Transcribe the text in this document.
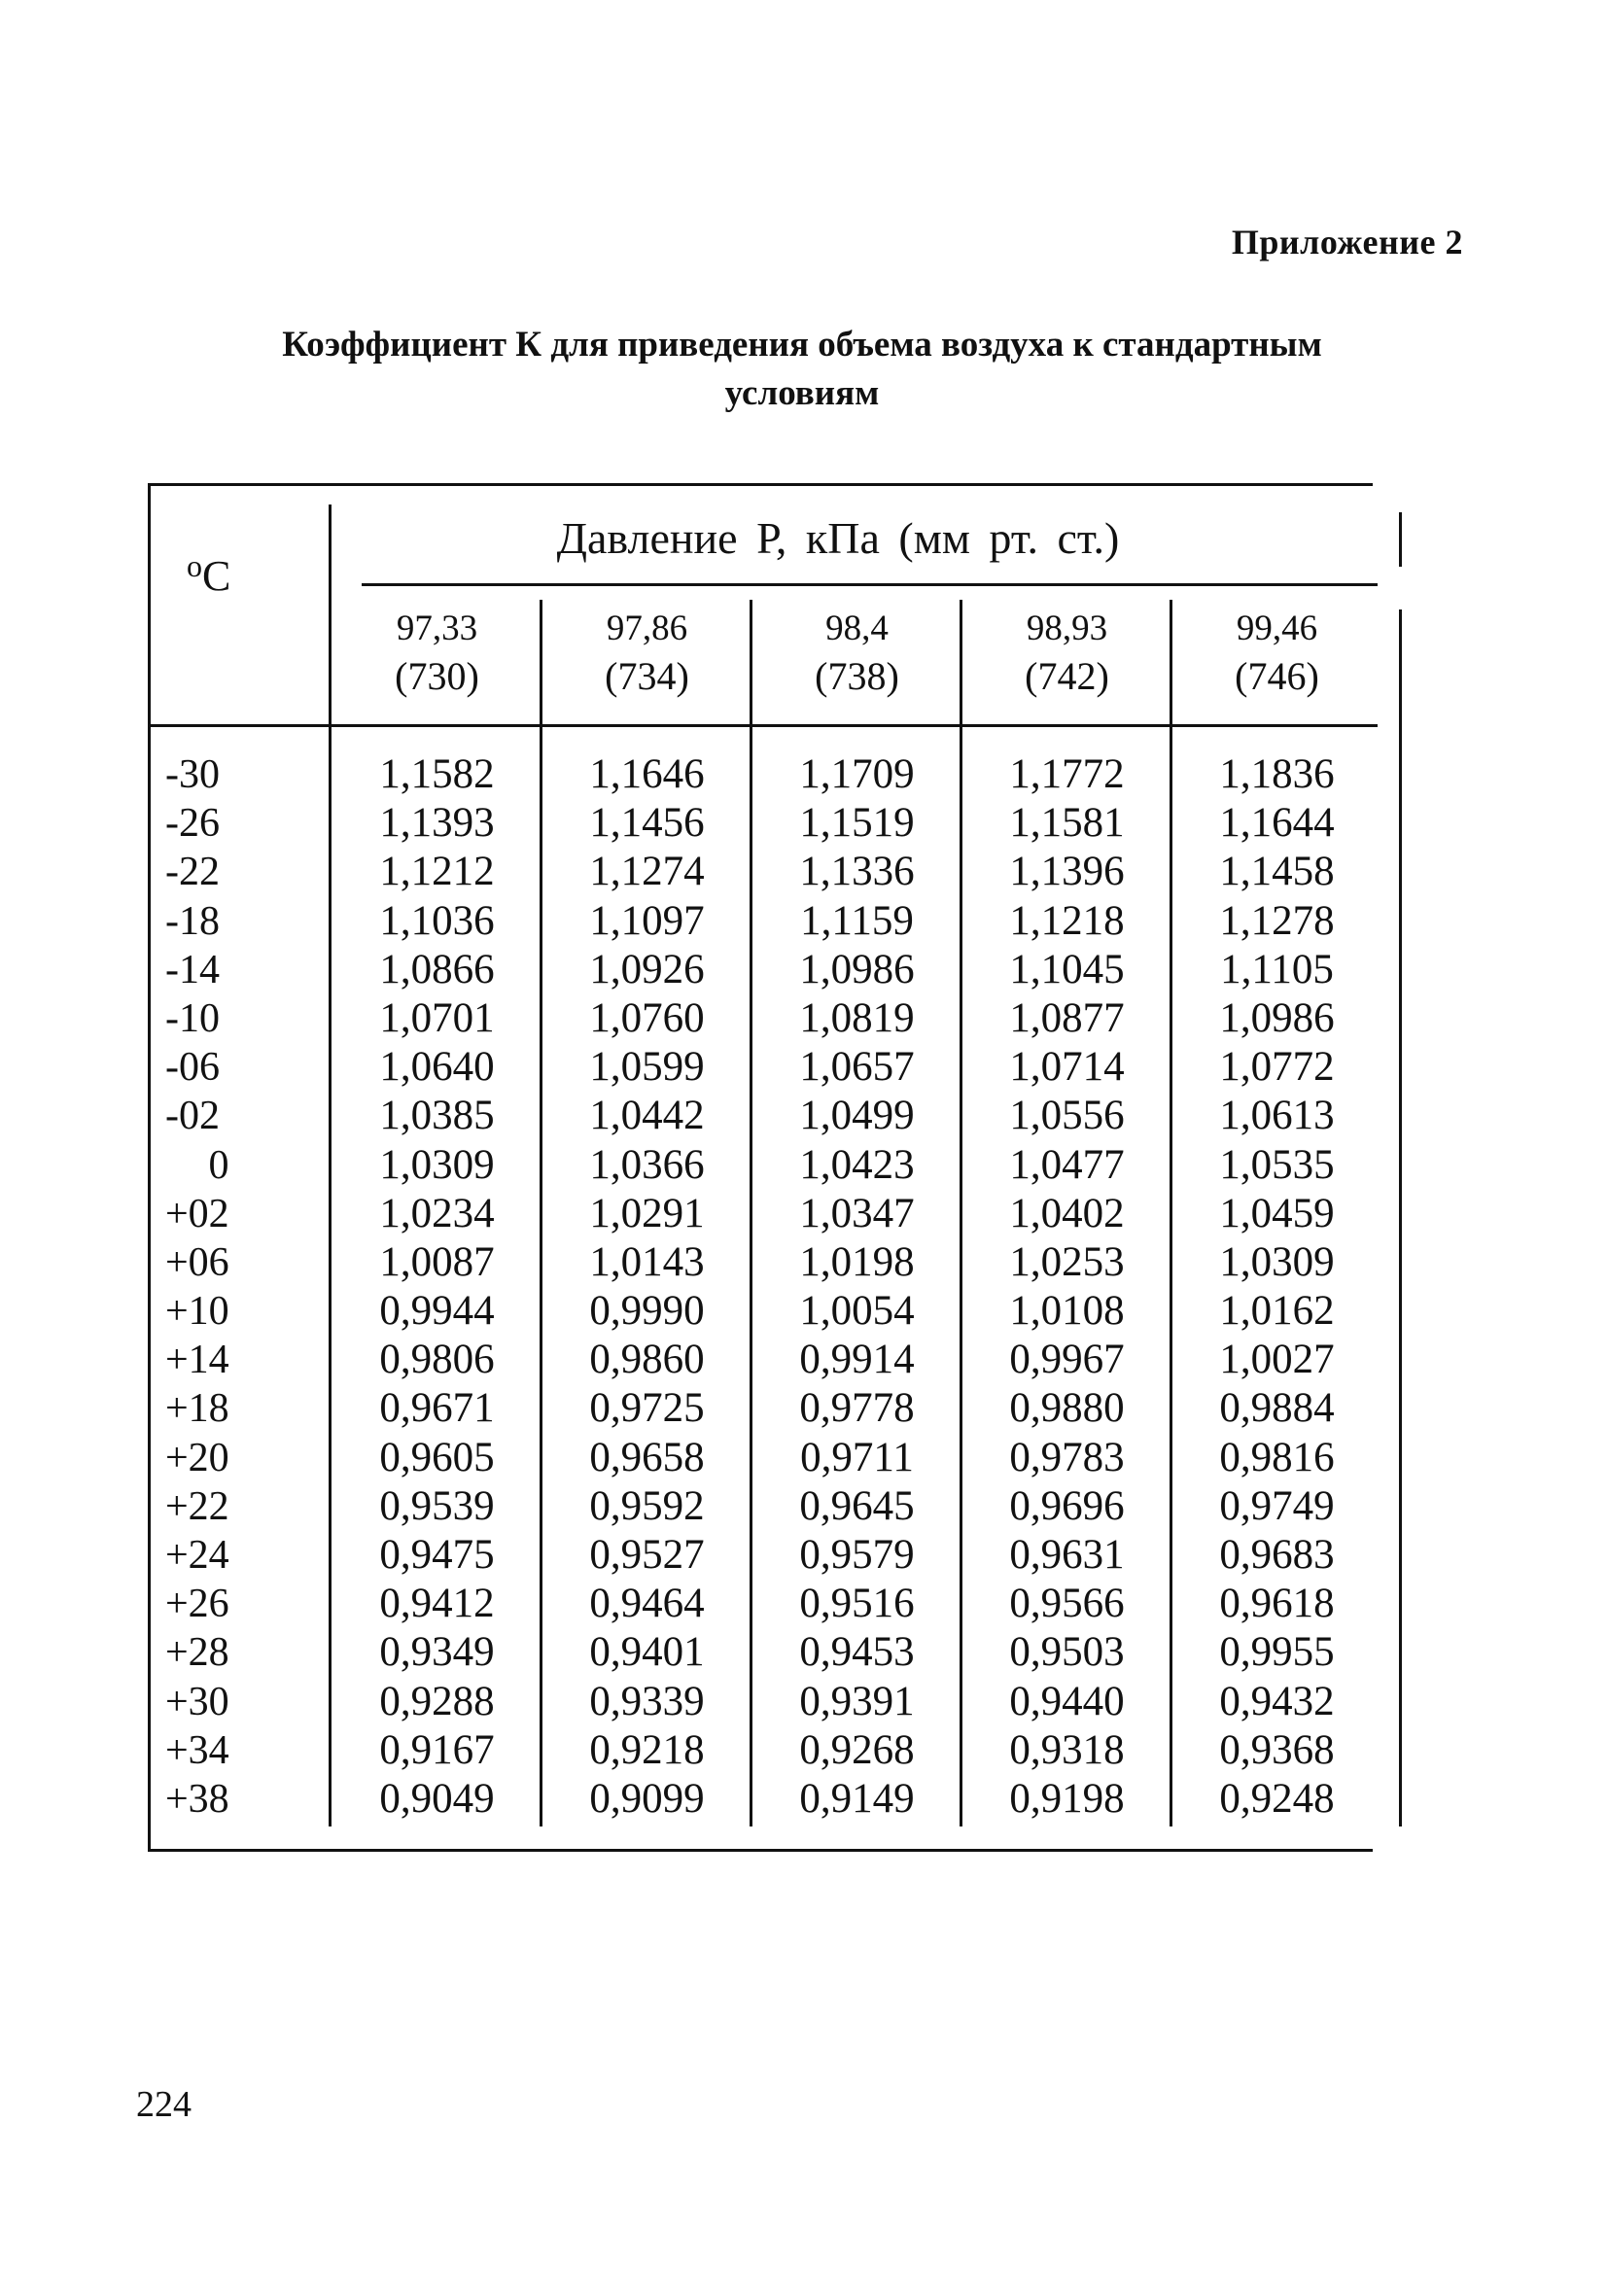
Приложение 2
Коэффициент К для приведения объема воздуха к стандартным
условиям
$^o$C
Давление Р, кПа (мм рт. ст.)
97,33
(730)
97,86
(734)
98,4
(738)
98,93
(742)
99,46
(746)
-30
-26
-22
-18
-14
-10
-06
-02
0
+02
+06
+10
+14
+18
+20
+22
+24
+26
+28
+30
+34
+38
1,1582
1,1393
1,1212
1,1036
1,0866
1,0701
1,0640
1,0385
1,0309
1,0234
1,0087
0,9944
0,9806
0,9671
0,9605
0,9539
0,9475
0,9412
0,9349
0,9288
0,9167
0,9049
1,1646
1,1456
1,1274
1,1097
1,0926
1,0760
1,0599
1,0442
1,0366
1,0291
1,0143
0,9990
0,9860
0,9725
0,9658
0,9592
0,9527
0,9464
0,9401
0,9339
0,9218
0,9099
1,1709
1,1519
1,1336
1,1159
1,0986
1,0819
1,0657
1,0499
1,0423
1,0347
1,0198
1,0054
0,9914
0,9778
0,9711
0,9645
0,9579
0,9516
0,9453
0,9391
0,9268
0,9149
1,1772
1,1581
1,1396
1,1218
1,1045
1,0877
1,0714
1,0556
1,0477
1,0402
1,0253
1,0108
0,9967
0,9880
0,9783
0,9696
0,9631
0,9566
0,9503
0,9440
0,9318
0,9198
1,1836
1,1644
1,1458
1,1278
1,1105
1,0986
1,0772
1,0613
1,0535
1,0459
1,0309
1,0162
1,0027
0,9884
0,9816
0,9749
0,9683
0,9618
0,9955
0,9432
0,9368
0,9248
224
